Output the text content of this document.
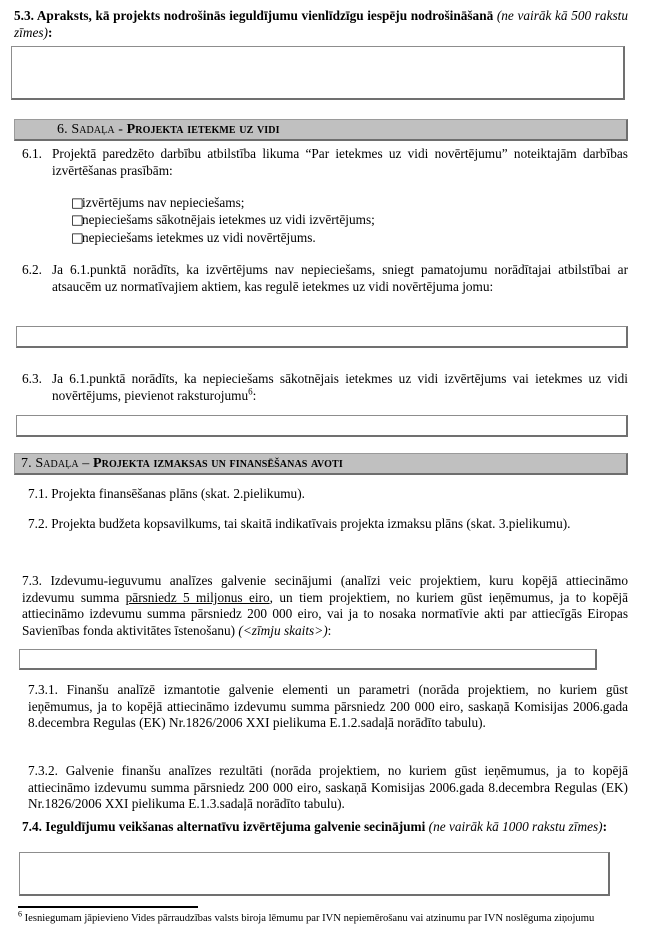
5.3. Apraksts, kā projekts nodrošinās ieguldījumu vienlīdzīgu iespēju nodrošināšanā (ne vairāk kā 500 rakstu zīmes):

6. Sadaļa - Projekta ietekme uz vidi
6.1. Projektā paredzēto darbību atbilstība likuma “Par ietekmes uz vidi novērtējumu” noteiktajām darbības izvērtēšanas prasībām:
□izvērtējums nav nepieciešams;
□nepieciešams sākotnējais ietekmes uz vidi izvērtējums;
□nepieciešams ietekmes uz vidi novērtējums.
6.2. Ja 6.1.punktā norādīts, ka izvērtējums nav nepieciešams, sniegt pamatojumu norādītajai atbilstībai ar atsaucēm uz normatīvajiem aktiem, kas regulē ietekmes uz vidi novērtējuma jomu:
6.3. Ja 6.1.punktā norādīts, ka nepieciešams sākotnējais ietekmes uz vidi izvērtējums vai ietekmes uz vidi novērtējums, pievienot raksturojumu$^6$:
7. Sadaļa – Projekta izmaksas un finansēšanas avoti

7.1. Projekta finansēšanas plāns (skat. 2.pielikumu).

7.2. Projekta budžeta kopsavilkums, tai skaitā indikatīvais projekta izmaksu plāns (skat. 3.pielikumu).

7.3. Izdevumu-ieguvumu analīzes galvenie secinājumi (analīzi veic projektiem, kuru kopējā attiecināmo izdevumu summa pārsniedz 5 miljonus eiro, un tiem projektiem, no kuriem gūst ieņēmumus, ja to kopējā attiecināmo izdevumu summa pārsniedz 200 000 eiro, vai ja to nosaka normatīvie akti par attiecīgās Eiropas Savienības fonda aktivitātes īstenošanu) (<zīmju skaits>):

7.3.1. Finanšu analīzē izmantotie galvenie elementi un parametri (norāda projektiem, no kuriem gūst ieņēmumus, ja to kopējā attiecināmo izdevumu summa pārsniedz 200 000 eiro, saskaņā Komisijas 2006.gada 8.decembra Regulas (EK) Nr.1826/2006 XXI pielikuma E.1.2.sadaļā norādīto tabulu).

7.3.2. Galvenie finanšu analīzes rezultāti (norāda projektiem, no kuriem gūst ieņēmumus, ja to kopējā attiecināmo izdevumu summa pārsniedz 200 000 eiro, saskaņā Komisijas 2006.gada 8.decembra Regulas (EK) Nr.1826/2006 XXI pielikuma E.1.3.sadaļā norādīto tabulu).

7.4. Ieguldījumu veikšanas alternatīvu izvērtējuma galvenie secinājumi (ne vairāk kā 1000 rakstu zīmes):

$^6$ Iesniegumam jāpievieno Vides pārraudzības valsts biroja lēmumu par IVN nepiemērošanu vai atzinumu par IVN noslēguma ziņojumu
